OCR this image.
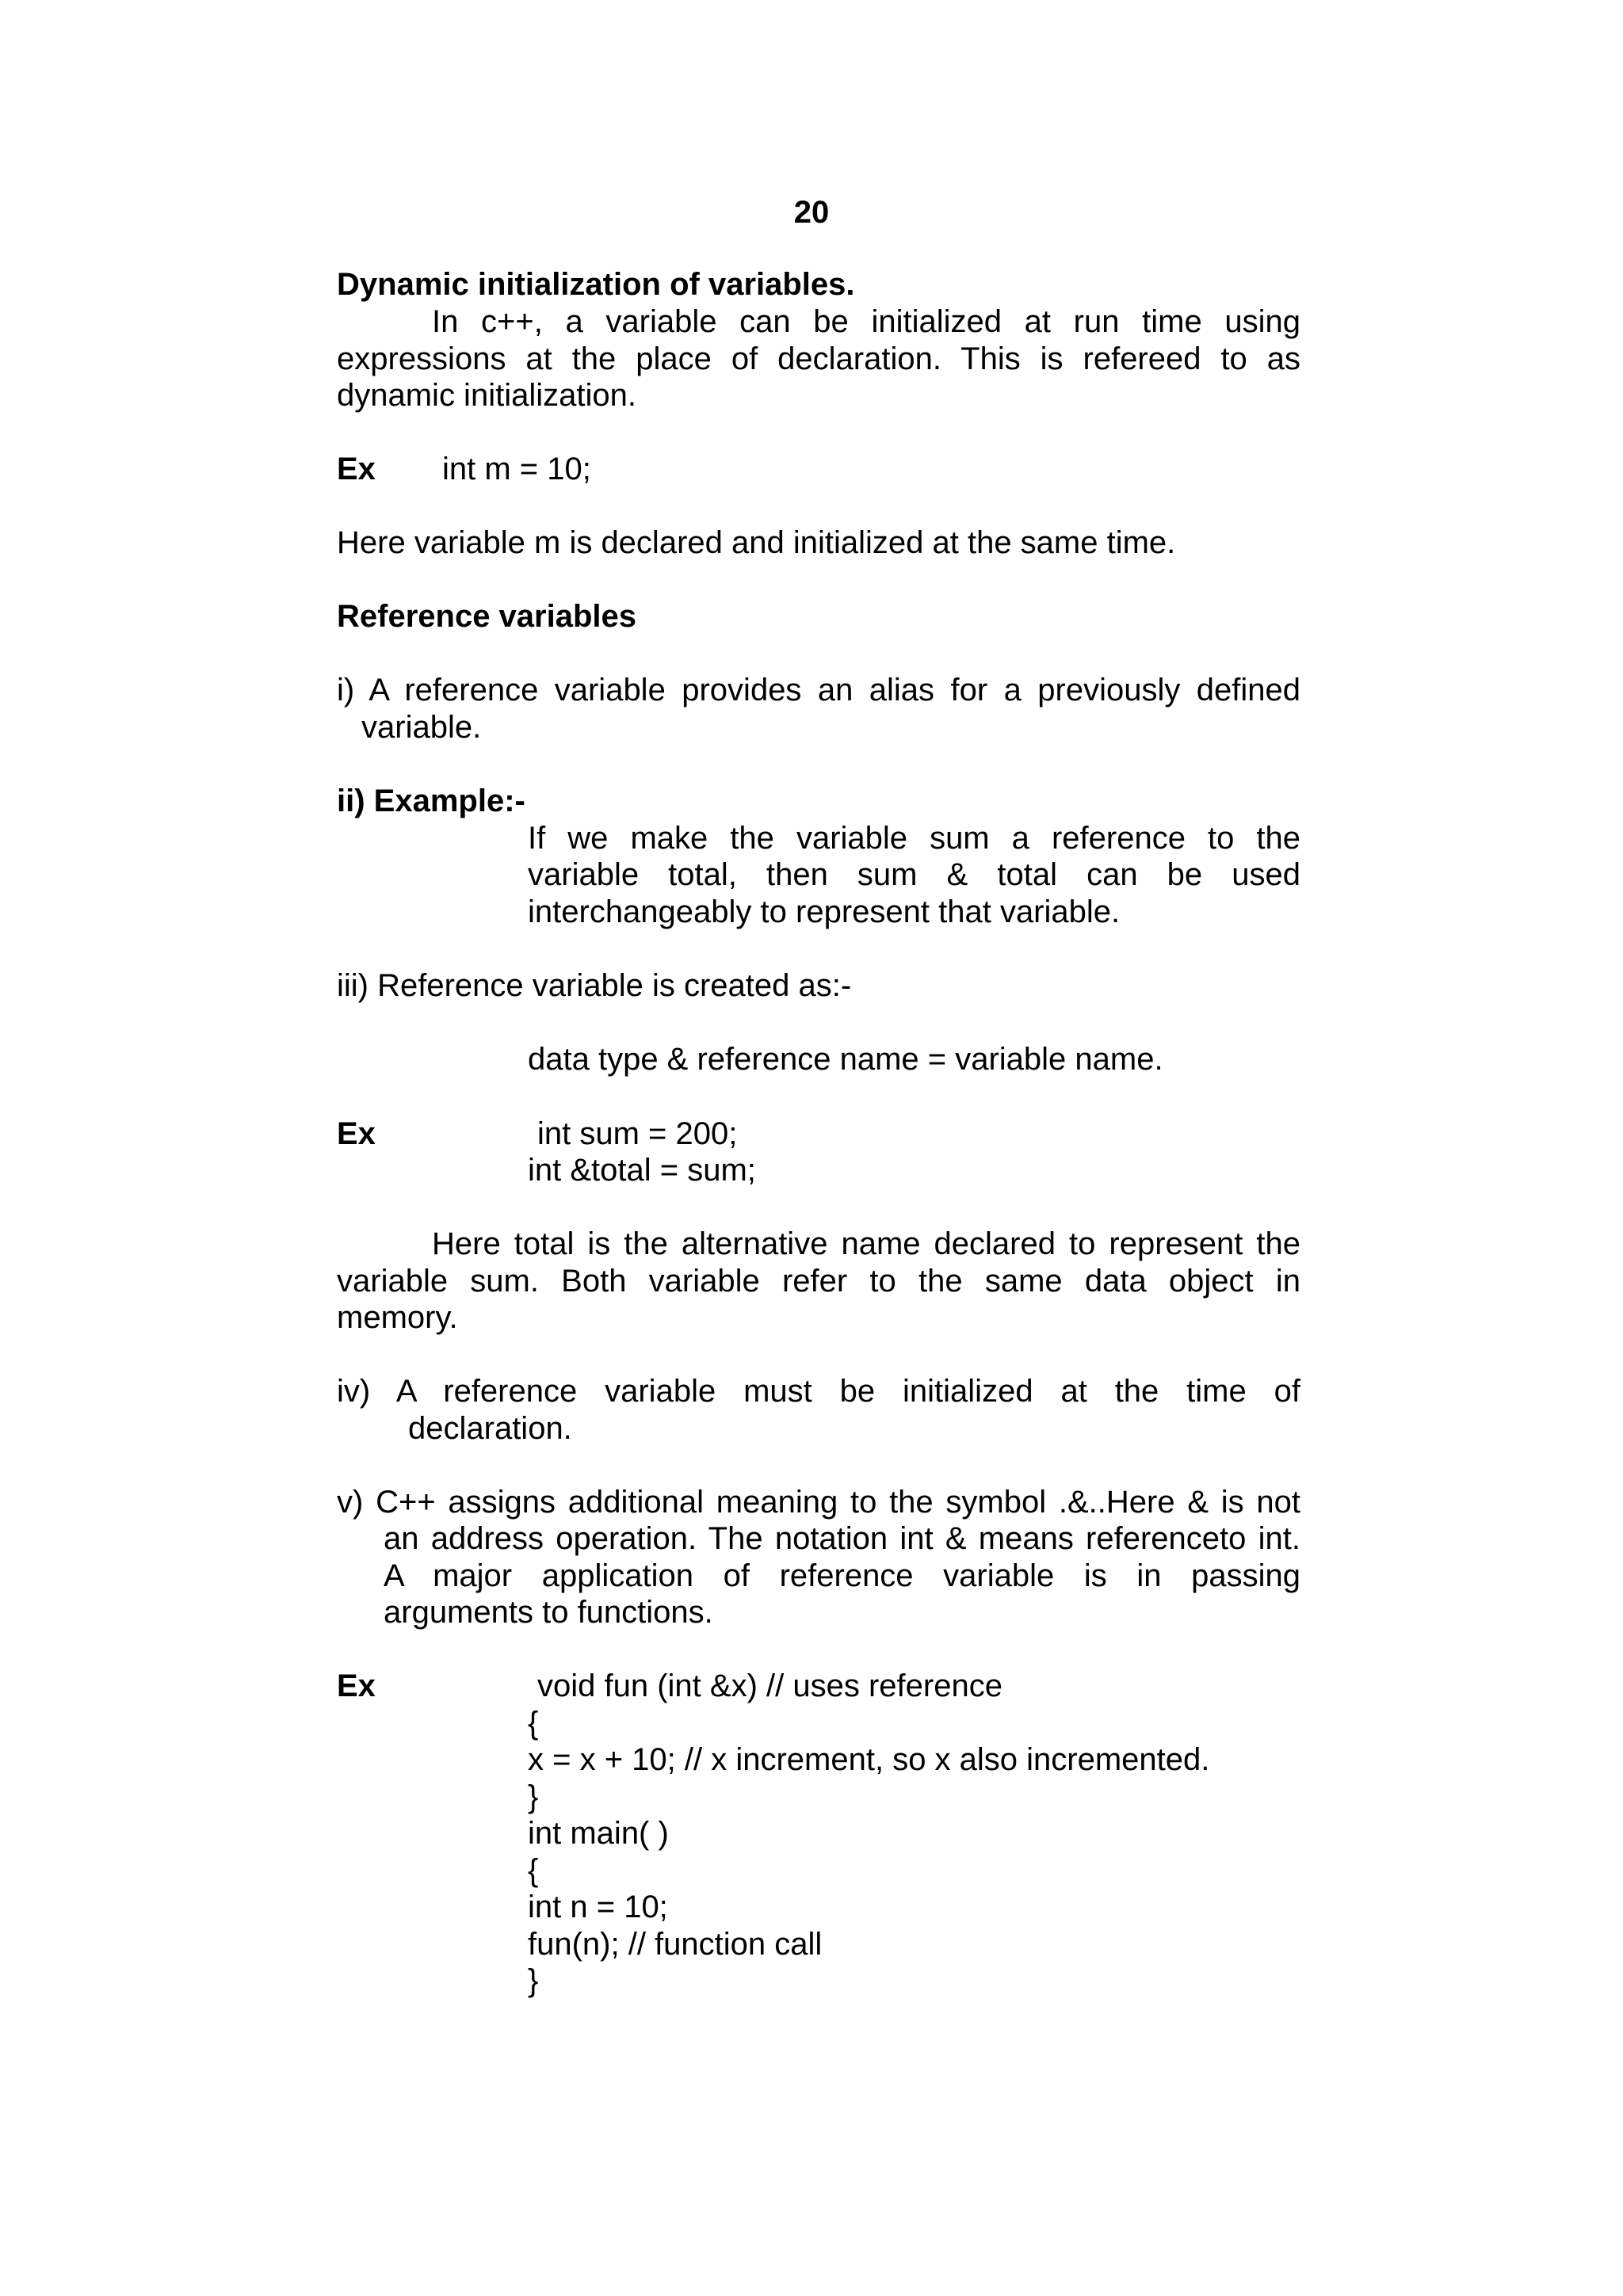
20
Dynamic initialization of variables.
In c++, a variable can be initialized at run time using
expressions at the place of declaration. This is refereed to as
dynamic initialization.
Ex int m = 10;
Here variable m is declared and initialized at the same time.
Reference variables
i) A reference variable provides an alias for a previously defined
variable.
ii) Example:-
If we make the variable sum a reference to the
variable total, then sum & total can be used
interchangeably to represent that variable.
iii) Reference variable is created as:-
data type & reference name = variable name.
Ex	int sum = 200;
int &total = sum;
Here total is the alternative name declared to represent the
variable sum. Both variable refer to the same data object in
memory.
iv) A reference variable must be initialized at the time of
declaration.
v) C++ assigns additional meaning to the symbol .&..Here & is not
an address operation. The notation int & means referenceto int.
A major application of reference variable is in passing
arguments to functions.
Ex	void fun (int &x) // uses reference
{
x = x + 10; // x increment, so x also incremented.
}
int main( )
{
int n = 10;
fun(n); // function call
}
